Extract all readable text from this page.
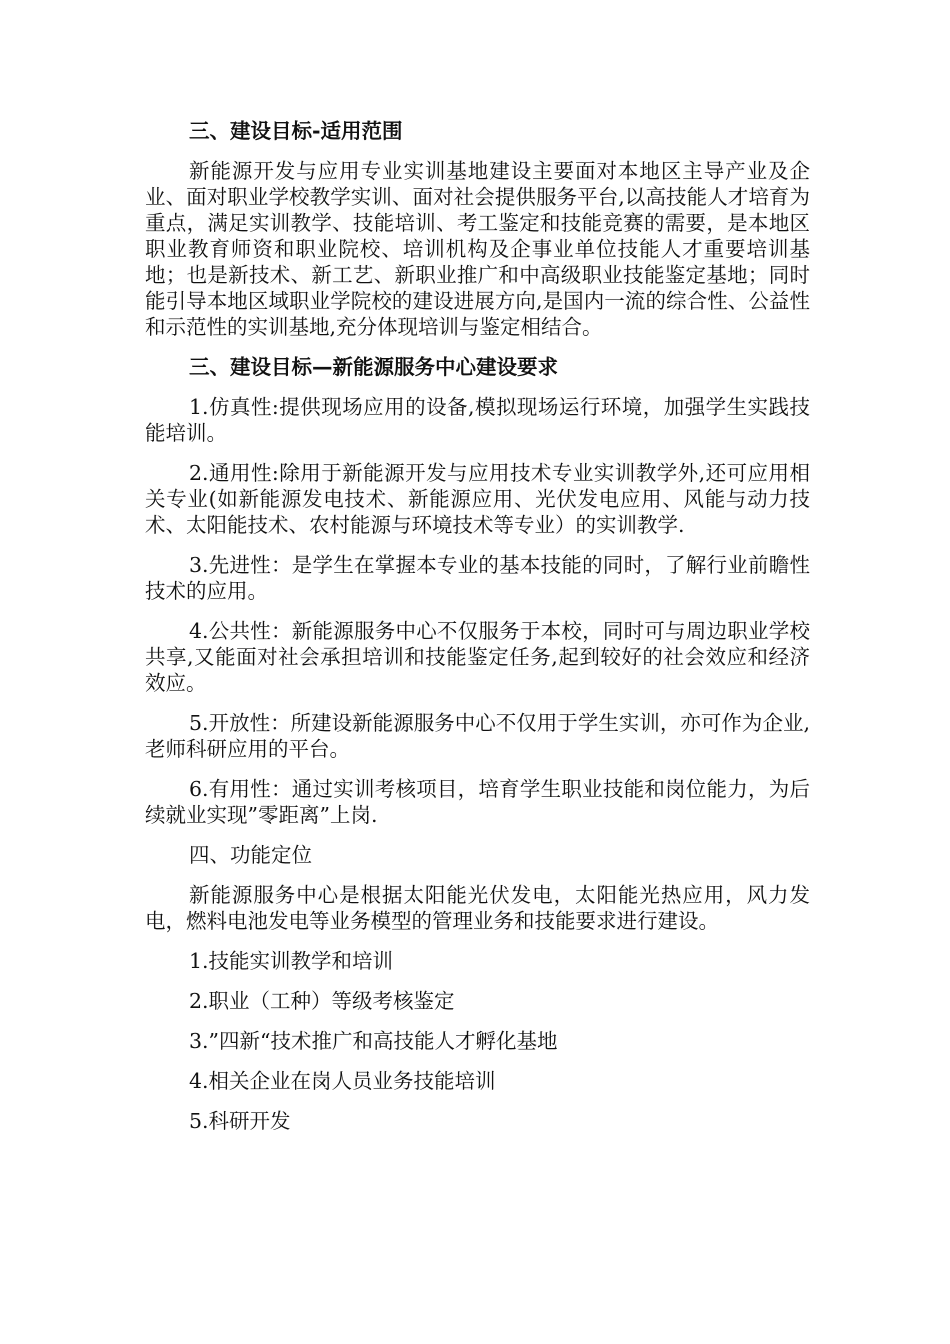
三、建设目标-适用范围
新能源开发与应用专业实训基地建设主要面对本地区主导产业及企业、面对职业学校教学实训、面对社会提供服务平台,以高技能人才培育为重点，满足实训教学、技能培训、考工鉴定和技能竞赛的需要，是本地区职业教育师资和职业院校、培训机构及企事业单位技能人才重要培训基地；也是新技术、新工艺、新职业推广和中高级职业技能鉴定基地；同时能引导本地区域职业学院校的建设进展方向,是国内一流的综合性、公益性和示范性的实训基地,充分体现培训与鉴定相结合。
三、建设目标—新能源服务中心建设要求
1.仿真性:提供现场应用的设备,模拟现场运行环境，加强学生实践技能培训。
2.通用性:除用于新能源开发与应用技术专业实训教学外,还可应用相关专业(如新能源发电技术、新能源应用、光伏发电应用、风能与动力技术、太阳能技术、农村能源与环境技术等专业）的实训教学.
3.先进性：是学生在掌握本专业的基本技能的同时，了解行业前瞻性技术的应用。
4.公共性：新能源服务中心不仅服务于本校，同时可与周边职业学校共享,又能面对社会承担培训和技能鉴定任务,起到较好的社会效应和经济效应。
5.开放性：所建设新能源服务中心不仅用于学生实训，亦可作为企业,老师科研应用的平台。
6.有用性：通过实训考核项目，培育学生职业技能和岗位能力，为后续就业实现”零距离”上岗.
四、功能定位
新能源服务中心是根据太阳能光伏发电，太阳能光热应用，风力发电，燃料电池发电等业务模型的管理业务和技能要求进行建设。
1.技能实训教学和培训
2.职业（工种）等级考核鉴定
3.”四新“技术推广和高技能人才孵化基地
4.相关企业在岗人员业务技能培训
5.科研开发
